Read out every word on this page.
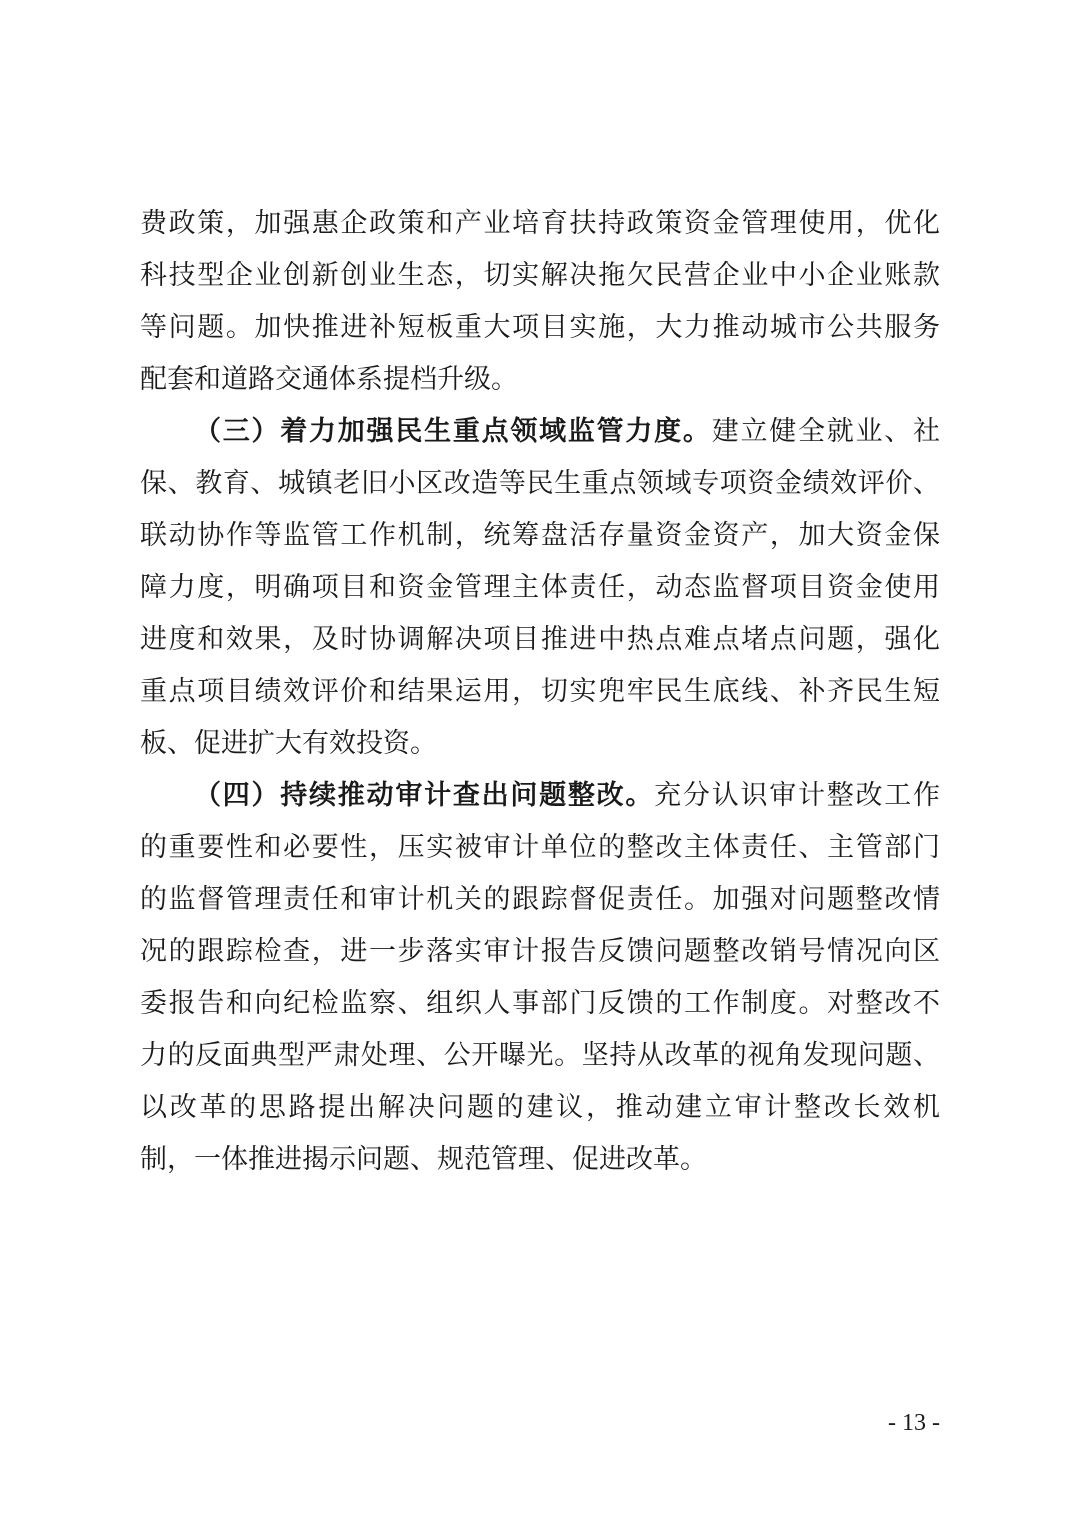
费政策，加强惠企政策和产业培育扶持政策资金管理使用，优化
科技型企业创新创业生态，切实解决拖欠民营企业中小企业账款
等问题。加快推进补短板重大项目实施，大力推动城市公共服务
配套和道路交通体系提档升级。
（三）着力加强民生重点领域监管力度。建立健全就业、社
保、教育、城镇老旧小区改造等民生重点领域专项资金绩效评价、
联动协作等监管工作机制，统筹盘活存量资金资产，加大资金保
障力度，明确项目和资金管理主体责任，动态监督项目资金使用
进度和效果，及时协调解决项目推进中热点难点堵点问题，强化
重点项目绩效评价和结果运用，切实兜牢民生底线、补齐民生短
板、促进扩大有效投资。
（四）持续推动审计查出问题整改。充分认识审计整改工作
的重要性和必要性，压实被审计单位的整改主体责任、主管部门
的监督管理责任和审计机关的跟踪督促责任。加强对问题整改情
况的跟踪检查，进一步落实审计报告反馈问题整改销号情况向区
委报告和向纪检监察、组织人事部门反馈的工作制度。对整改不
力的反面典型严肃处理、公开曝光。坚持从改革的视角发现问题、
以改革的思路提出解决问题的建议，推动建立审计整改长效机
制，一体推进揭示问题、规范管理、促进改革。
- 13 -
